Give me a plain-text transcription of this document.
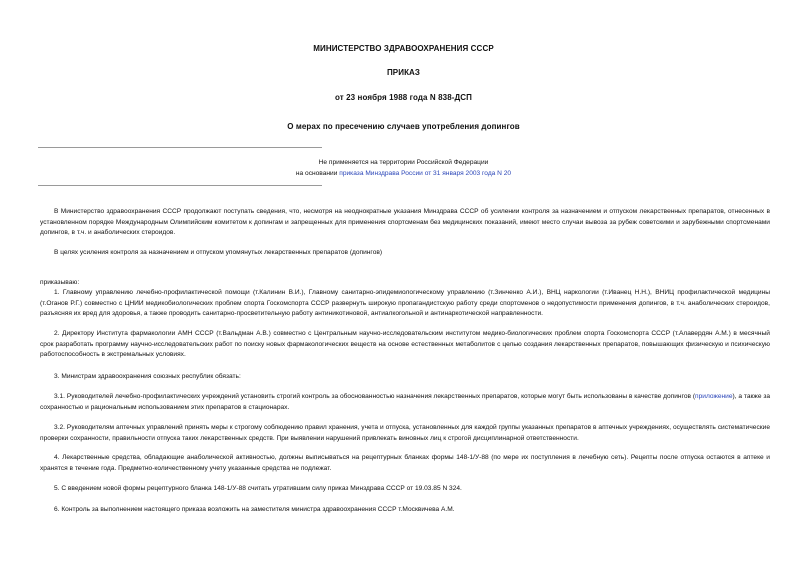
МИНИСТЕРСТВО ЗДРАВООХРАНЕНИЯ СССР
ПРИКАЗ
от 23 ноября 1988 года N 838-ДСП
О мерах по пресечению случаев употребления допингов
Не применяется на территории Российской Федерации
на основании приказа Минздрава России от 31 января 2003 года N 20
В Министерство здравоохранения СССР продолжают поступать сведения, что, несмотря на неоднократные указания Минздрава СССР об усилении контроля за назначением и отпуском лекарственных препаратов, отнесенных в установленном порядке Международным Олимпийским комитетом к допингам и запрещенных для применения спортсменам без медицинских показаний, имеют место случаи вывоза за рубеж советскими и зарубежными спортсменами допингов, в т.ч. и анаболических стероидов.
В целях усиления контроля за назначением и отпуском упомянутых лекарственных препаратов (допингов)
приказываю:
1. Главному управлению лечебно-профилактической помощи (т.Калинин В.И.), Главному санитарно-эпидемиологическому управлению (т.Зинченко А.И.), ВНЦ наркологии (т.Иванец Н.Н.), ВНИЦ профилактической медицины (т.Оганов Р.Г.) совместно с ЦНИИ медикобиологических проблем спорта Госкомспорта СССР развернуть широкую пропагандистскую работу среди спортсменов о недопустимости применения допингов, в т.ч. анаболических стероидов, разъясняя их вред для здоровья, а также проводить санитарно-просветительную работу антиникотиновой, антиалкогольной и антинаркотической направленности.
2. Директору Института фармакологии АМН СССР (т.Вальдман А.В.) совместно с Центральным научно-исследовательским институтом медико-биологических проблем спорта Госкомспорта СССР (т.Алавердян А.М.) в месячный срок разработать программу научно-исследовательских работ по поиску новых фармакологических веществ на основе естественных метаболитов с целью создания лекарственных препаратов, повышающих физическую и психическую работоспособность в экстремальных условиях.
3. Министрам здравоохранения союзных республик обязать:
3.1. Руководителей лечебно-профилактических учреждений установить строгий контроль за обоснованностью назначения лекарственных препаратов, которые могут быть использованы в качестве допингов (приложение), а также за сохранностью и рациональным использованием этих препаратов в стационарах.
3.2. Руководителям аптечных управлений принять меры к строгому соблюдению правил хранения, учета и отпуска, установленных для каждой группы указанных препаратов в аптечных учреждениях, осуществлять систематические проверки сохранности, правильности отпуска таких лекарственных средств. При выявлении нарушений привлекать виновных лиц к строгой дисциплинарной ответственности.
4. Лекарственные средства, обладающие анаболической активностью, должны выписываться на рецептурных бланках формы 148-1/У-88 (по мере их поступления в лечебную сеть). Рецепты после отпуска остаются в аптеке и хранятся в течение года. Предметно-количественному учету указанные средства не подлежат.
5. С введением новой формы рецептурного бланка 148-1/У-88 считать утратившим силу приказ Минздрава СССР от 19.03.85 N 324.
6. Контроль за выполнением настоящего приказа возложить на заместителя министра здравоохранения СССР т.Москвичева А.М.
